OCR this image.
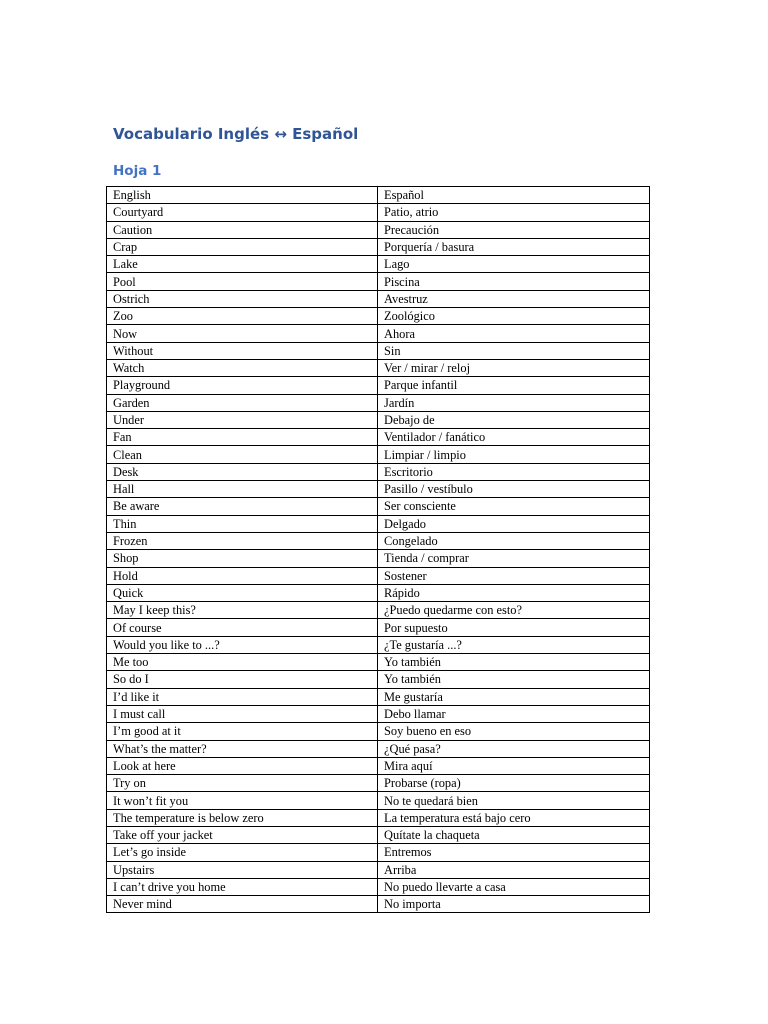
Vocabulario Inglés ↔ Español
Hoja 1
English	Español
Courtyard	Patio, atrio
Caution	Precaución
Crap	Porquería / basura
Lake	Lago
Pool	Piscina
Ostrich	Avestruz
Zoo	Zoológico
Now	Ahora
Without	Sin
Watch	Ver / mirar / reloj
Playground	Parque infantil
Garden	Jardín
Under	Debajo de
Fan	Ventilador / fanático
Clean	Limpiar / limpio
Desk	Escritorio
Hall	Pasillo / vestíbulo
Be aware	Ser consciente
Thin	Delgado
Frozen	Congelado
Shop	Tienda / comprar
Hold	Sostener
Quick	Rápido
May I keep this?	¿Puedo quedarme con esto?
Of course	Por supuesto
Would you like to ...?	¿Te gustaría ...?
Me too	Yo también
So do I	Yo también
I’d like it	Me gustaría
I must call	Debo llamar
I’m good at it	Soy bueno en eso
What’s the matter?	¿Qué pasa?
Look at here	Mira aquí
Try on	Probarse (ropa)
It won’t fit you	No te quedará bien
The temperature is below zero	La temperatura está bajo cero
Take off your jacket	Quítate la chaqueta
Let’s go inside	Entremos
Upstairs	Arriba
I can’t drive you home	No puedo llevarte a casa
Never mind	No importa
